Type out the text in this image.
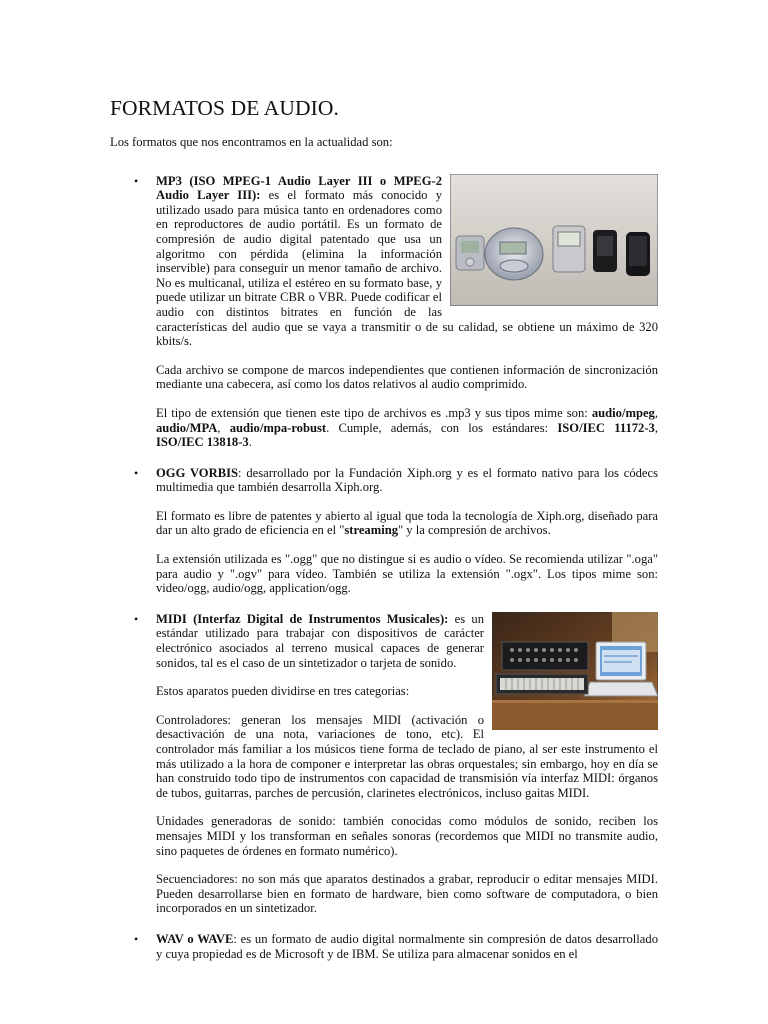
FORMATOS DE AUDIO.

Los formatos que nos encontramos en la actualidad son:

• MP3 (ISO MPEG-1 Audio Layer III o MPEG-2 Audio Layer III): es el formato más conocido y utilizado usado para música tanto en ordenadores como en reproductores de audio portátil. Es un formato de compresión de audio digital patentado que usa un algoritmo con pérdida (elimina la información inservible) para conseguir un menor tamaño de archivo. No es multicanal, utiliza el estéreo en su formato base, y puede utilizar un bitrate CBR o VBR. Puede codificar el audio con distintos bitrates en función de las características del audio que se vaya a transmitir o de su calidad, se obtiene un máximo de 320 kbits/s.

Cada archivo se compone de marcos independientes que contienen información de sincronización mediante una cabecera, así como los datos relativos al audio comprimido.

El tipo de extensión que tienen este tipo de archivos es .mp3 y sus tipos mime son: audio/mpeg, audio/MPA, audio/mpa-robust. Cumple, además, con los estándares: ISO/IEC 11172-3, ISO/IEC 13818-3.

• OGG VORBIS: desarrollado por la Fundación Xiph.org y es el formato nativo para los códecs multimedia que también desarrolla Xiph.org.

El formato es libre de patentes y abierto al igual que toda la tecnología de Xiph.org, diseñado para dar un alto grado de eficiencia en el "streaming" y la compresión de archivos.

La extensión utilizada es ".ogg" que no distingue si es audio o vídeo. Se recomienda utilizar ".oga" para audio y ".ogv" para vídeo. También se utiliza la extensión ".ogx". Los tipos mime son: video/ogg, audio/ogg, application/ogg.

• MIDI (Interfaz Digital de Instrumentos Musicales): es un estándar utilizado para trabajar con dispositivos de carácter electrónico asociados al terreno musical capaces de generar sonidos, tal es el caso de un sintetizador o tarjeta de sonido.

Estos aparatos pueden dividirse en tres categorias:

Controladores: generan los mensajes MIDI (activación o desactivación de una nota, variaciones de tono, etc). El controlador más familiar a los músicos tiene forma de teclado de piano, al ser este instrumento el más utilizado a la hora de componer e interpretar las obras orquestales; sin embargo, hoy en día se han construido todo tipo de instrumentos con capacidad de transmisión vía interfaz MIDI: órganos de tubos, guitarras, parches de percusión, clarinetes electrónicos, incluso gaitas MIDI.

Unidades generadoras de sonido: también conocidas como módulos de sonido, reciben los mensajes MIDI y los transforman en señales sonoras (recordemos que MIDI no transmite audio, sino paquetes de órdenes en formato numérico).

Secuenciadores: no son más que aparatos destinados a grabar, reproducir o editar mensajes MIDI. Pueden desarrollarse bien en formato de hardware, bien como software de computadora, o bien incorporados en un sintetizador.

• WAV o WAVE: es un formato de audio digital normalmente sin compresión de datos desarrollado y cuya propiedad es de Microsoft y de IBM. Se utiliza para almacenar sonidos en el
